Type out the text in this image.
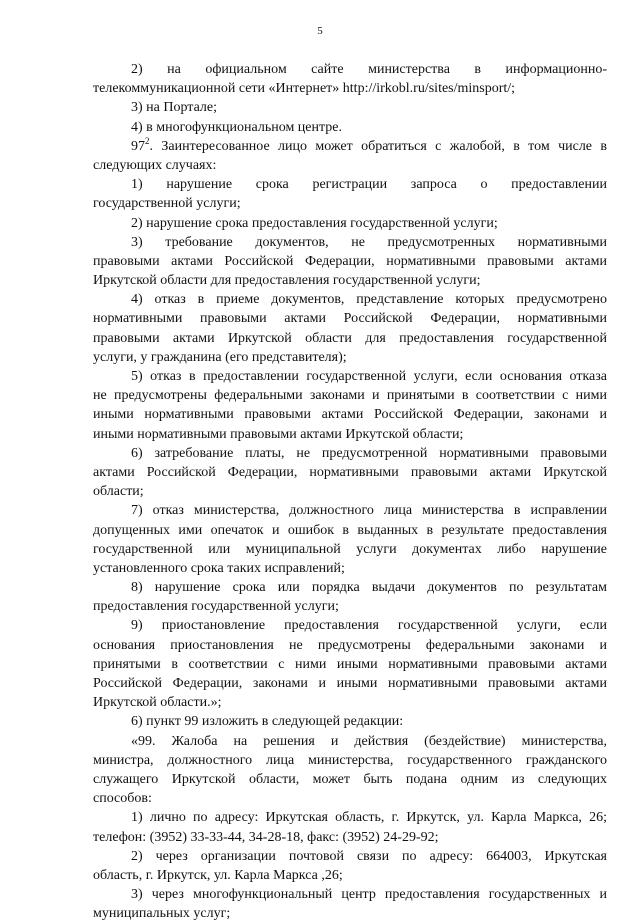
5
2) на официальном сайте министерства в информационно-
телекоммуникационной сети «Интернет» http://irkobl.ru/sites/minsport/;
3) на Портале;
4) в многофункциональном центре.
$97^2$. Заинтересованное лицо может обратиться с жалобой, в том числе в
следующих случаях:
1) нарушение срока регистрации запроса о предоставлении
государственной услуги;
2) нарушение срока предоставления государственной услуги;
3) требование документов, не предусмотренных нормативными
правовыми актами Российской Федерации, нормативными правовыми актами
Иркутской области для предоставления государственной услуги;
4) отказ в приеме документов, представление которых предусмотрено
нормативными правовыми актами Российской Федерации, нормативными
правовыми актами Иркутской области для предоставления государственной
услуги, у гражданина (его представителя);
5) отказ в предоставлении государственной услуги, если основания отказа
не предусмотрены федеральными законами и принятыми в соответствии с ними
иными нормативными правовыми актами Российской Федерации, законами и
иными нормативными правовыми актами Иркутской области;
6) затребование платы, не предусмотренной нормативными правовыми
актами Российской Федерации, нормативными правовыми актами Иркутской
области;
7) отказ министерства, должностного лица министерства в исправлении
допущенных ими опечаток и ошибок в выданных в результате предоставления
государственной или муниципальной услуги документах либо нарушение
установленного срока таких исправлений;
8) нарушение срока или порядка выдачи документов по результатам
предоставления государственной услуги;
9) приостановление предоставления государственной услуги, если
основания приостановления не предусмотрены федеральными законами и
принятыми в соответствии с ними иными нормативными правовыми актами
Российской Федерации, законами и иными нормативными правовыми актами
Иркутской области.»;
6) пункт 99 изложить в следующей редакции:
«99. Жалоба на решения и действия (бездействие) министерства,
министра, должностного лица министерства, государственного гражданского
служащего Иркутской области, может быть подана одним из следующих
способов:
1) лично по адресу: Иркутская область, г. Иркутск, ул. Карла Маркса, 26;
телефон: (3952) 33-33-44, 34-28-18, факс: (3952) 24-29-92;
2) через организации почтовой связи по адресу: 664003, Иркутская
область, г. Иркутск, ул. Карла Маркса ,26;
3) через многофункциональный центр предоставления государственных и
муниципальных услуг;
